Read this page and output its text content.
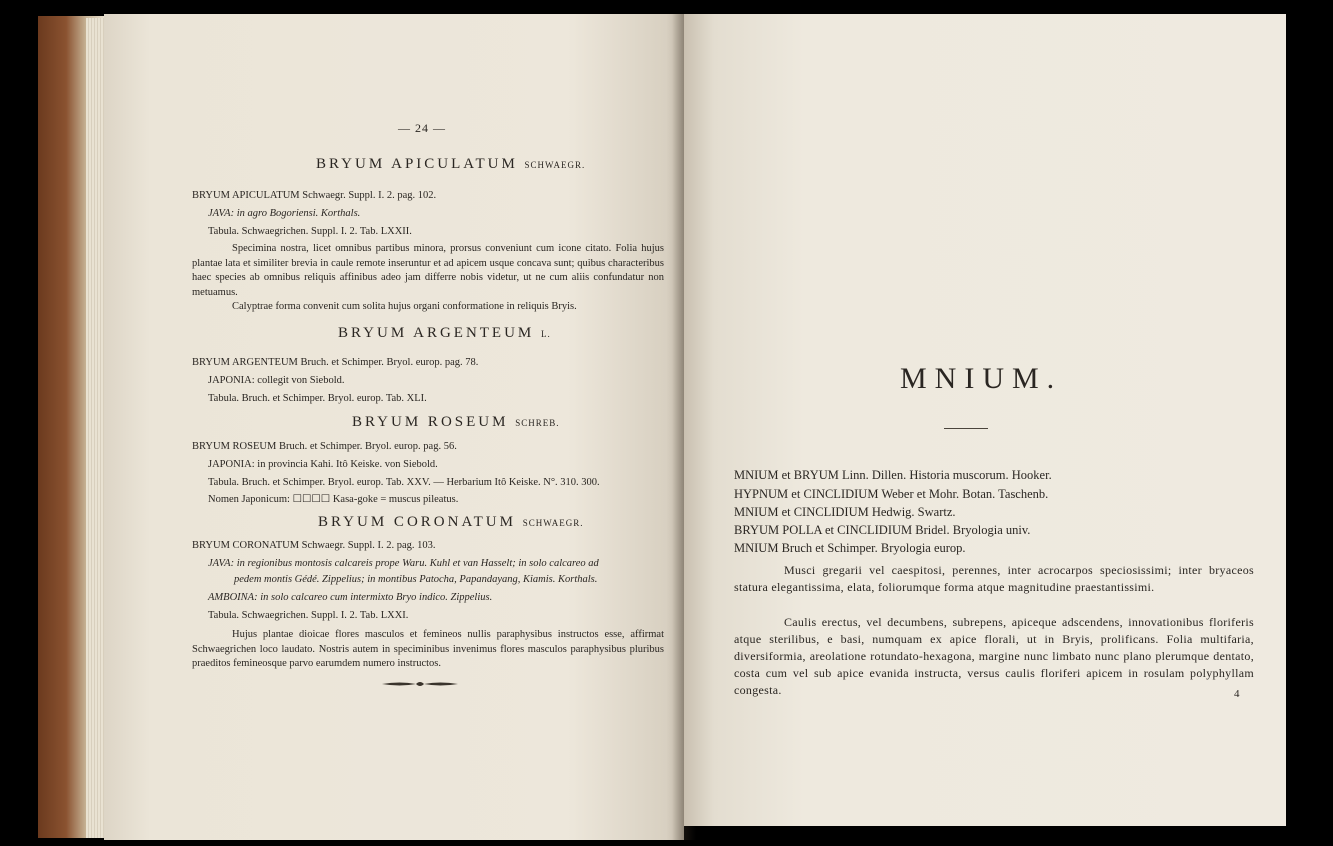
— 24 —
BRYUM APICULATUM SCHWAEGR.
BRYUM APICULATUM Schwaegr. Suppl. I. 2. pag. 102.
JAVA: in agro Bogoriensi. Korthals.
Tabula. Schwaegrichen. Suppl. I. 2. Tab. LXXII.
Specimina nostra, licet omnibus partibus minora, prorsus conveniunt cum icone citato. Folia hujus plantae lata et similiter brevia in caule remote inseruntur et ad apicem usque concava sunt; quibus characteribus haec species ab omnibus reliquis affinibus adeo jam differre nobis videtur, ut ne cum aliis confundatur non metuamus.
Calyptrae forma convenit cum solita hujus organi conformatione in reliquis Bryis.
BRYUM ARGENTEUM L.
BRYUM ARGENTEUM Bruch. et Schimper. Bryol. europ. pag. 78.
JAPONIA: collegit von Siebold.
Tabula. Bruch. et Schimper. Bryol. europ. Tab. XLI.
BRYUM ROSEUM SCHREB.
BRYUM ROSEUM Bruch. et Schimper. Bryol. europ. pag. 56.
JAPONIA: in provincia Kahi. Itô Keiske. von Siebold.
Tabula. Bruch. et Schimper. Bryol. europ. Tab. XXV. — Herbarium Itô Keiske. N°. 310. 300.
Nomen Japonicum: ☐☐☐☐ Kasa-goke = muscus pileatus.
BRYUM CORONATUM SCHWAEGR.
BRYUM CORONATUM Schwaegr. Suppl. I. 2. pag. 103.
JAVA: in regionibus montosis calcareis prope Waru. Kuhl et van Hasselt; in solo calcareo ad
pedem montis Gédé. Zippelius; in montibus Patocha, Papandayang, Kiamis. Korthals.
AMBOINA: in solo calcareo cum intermixto Bryo indico. Zippelius.
Tabula. Schwaegrichen. Suppl. I. 2. Tab. LXXI.
Hujus plantae dioicae flores masculos et femineos nullis paraphysibus instructos esse, affirmat Schwaegrichen loco laudato. Nostris autem in speciminibus invenimus flores masculos paraphysibus pluribus praeditos femineosque parvo earumdem numero instructos.
MNIUM.
MNIUM et BRYUM Linn. Dillen. Historia muscorum. Hooker.
HYPNUM et CINCLIDIUM Weber et Mohr. Botan. Taschenb.
MNIUM et CINCLIDIUM Hedwig. Swartz.
BRYUM POLLA et CINCLIDIUM Bridel. Bryologia univ.
MNIUM Bruch et Schimper. Bryologia europ.
Musci gregarii vel caespitosi, perennes, inter acrocarpos speciosissimi; inter bryaceos statura elegantissima, elata, foliorumque forma atque magnitudine praestantissimi.
Caulis erectus, vel decumbens, subrepens, apiceque adscendens, innovationibus floriferis atque sterilibus, e basi, numquam ex apice florali, ut in Bryis, prolificans. Folia multifaria, diversiformia, areolatione rotundato-hexagona, margine nunc limbato nunc plano plerumque dentato, costa cum vel sub apice evanida instructa, versus caulis floriferi apicem in rosulam polyphyllam congesta.	4
